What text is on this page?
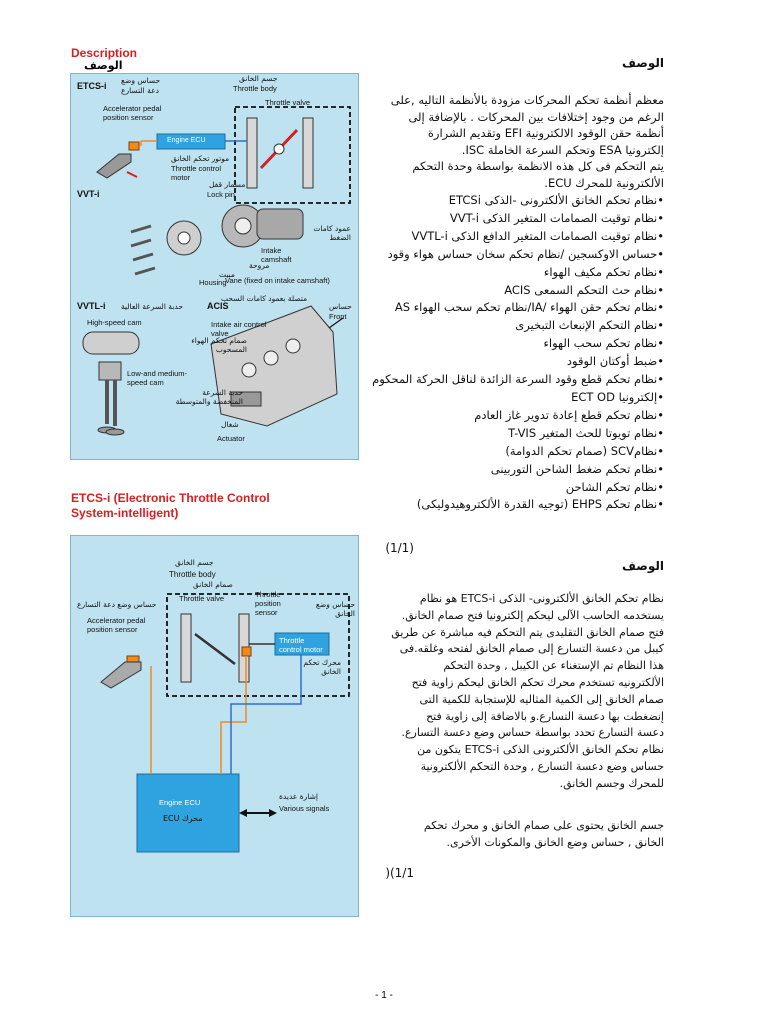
Description
الوصف
ETCS-i
حساس وضع
دعة التسارع
Accelerator pedal position sensor
جسم الخانق
Throttle body
Throttle valve
Engine ECU
موتور تحكم الخانق
Throttle control motor
VVT-i
مسمار قفل
Lock pin
عمود كامات الضغط
Intake camshaft
مروحة
مبيت
Housing
Vane (fixed on intake camshaft)
متصلة بعمود كامات السحب
VVTL-i حدبة السرعة العالية
High-speed cam
ACIS	حساس
Front
Intake air control valve
صمام تحكم الهواء المسحوب
Low-and medium-speed cam
حدبة السرعة المنخفضة والمتوسطة
شغال
Actuator
ETCS-i (Electronic Throttle Control
System-intelligent)
جسم الخانق
Throttle body
صمام الخانق
Throttle valve	Throttle position sensor
حساس وضع الخانق
حساس وضع دعة التسارع
Accelerator pedal position sensor
Throttle control motor
محرك تحكم الخانق
Engine ECU
محرك ECU
إشارة عديدة
Various signals
الوصف
معظم أنظمة تحكم المحركات مزودة بالأنظمة التاليه ,على
الرغم من وجود إختلافات بين المحركات . بالإضافة إلى
أنظمة حقن الوقود الالكترونية EFI وتقديم الشرارة
إلكترونيا ESA وتحكم السرعة الخاملة ISC.
يتم التحكم فى كل هذه الانظمة بواسطة وحدة التحكم
الألكترونية للمحرك ECU.
•نظام تحكم الخانق الألكترونى -الذكى ETCSi
•نظام توقيت الصمامات المتغير الذكى VVT-i
•نظام توقيت الصمامات المتغير الدافع الذكى VVTL-i
•حساس الاوكسجين /نظام تحكم سخان حساس هواء وقود
•نظام تحكم مكيف الهواء
•نظام حث التحكم السمعى ACIS
•نظام تحكم حقن الهواء /IA/نظام تحكم سحب الهواء AS
•نظام التحكم الإنبعاث التبخيرى
•نظام تحكم سحب الهواء
•ضبط أوكتان الوقود
•نظام تحكم قطع وقود السرعة الزائدة لناقل الحركة المحكوم
•إلكترونيا ECT OD
•نظام تحكم قطع إعادة تدوير غاز العادم
•نظام تويوتا للحث المتغير T-VIS
•نظامSCV (صمام تحكم الدوامة)
•نظام تحكم ضغط الشاحن التوربينى
•نظام تحكم الشاحن
•نظام تحكم EHPS (توجيه القدرة الألكتروهيدوليكى)
(1/1)
الوصف
نظام تحكم الخانق الألكترونى- الذكى ETCS-i هو نظام
يستخدمه الحاسب الآلى ليحكم إلكترونيا فتح صمام الخانق.
فتح صمام الخانق التقليدى يتم التحكم فيه مباشرة عن طريق
كيبل من دعسة التسارع إلى صمام الخانق لفتحه وغلقه.فى
هذا النظام تم الإستغناء عن الكيبل , وحدة التحكم
الألكترونيه تستخدم محرك تحكم الخانق ليحكم زاوية فتح
صمام الخانق إلى الكمية المثاليه للإستجابة للكمية التى
إنضغطت بها دعسة التسارع.و بالاضافة إلى زاوية فتح
دعسة التسارع تحدد بواسطة حساس وضع دعسة التسارع.
نظام تحكم الخانق الألكترونى الذكى ETCS-i يتكون من
حساس وضع دعسة التسارع , وحدة التحكم الألكترونية
للمحرك وجسم الخانق.
جسم الخانق يحتوى على صمام الخانق و محرك تحكم
الخانق , حساس وضع الخانق والمكونات الأخرى.
)(1/1
- 1 -
